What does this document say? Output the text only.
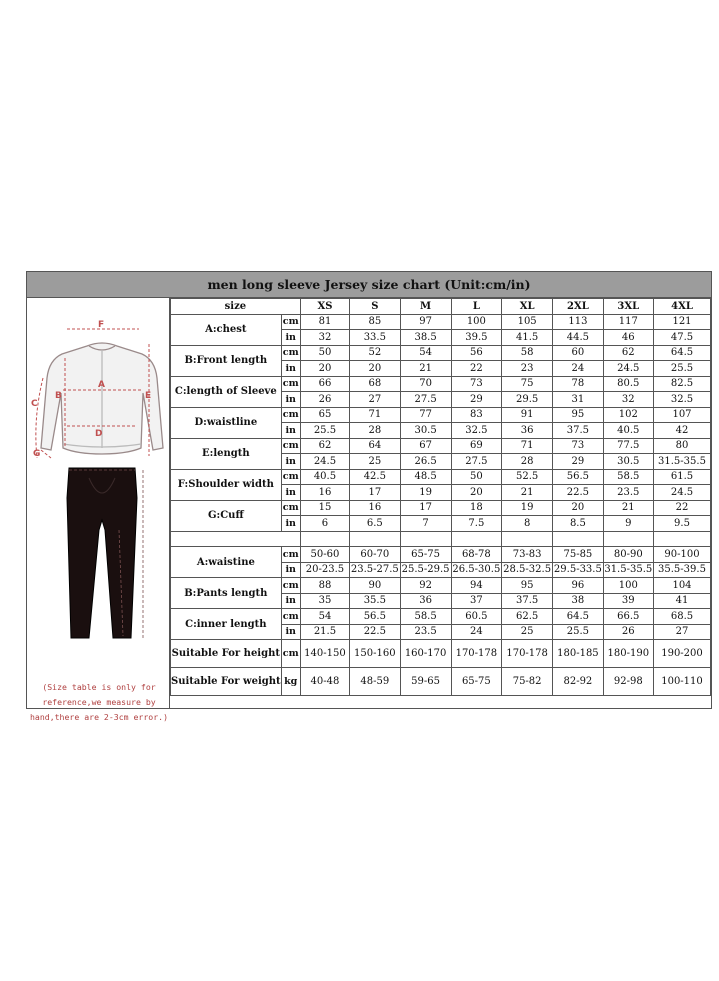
men long sleeve Jersey size chart (Unit:cm/in)
F
A
B
C
D
E
G
(Size table is only for
reference,we measure by
hand,there are 2-3cm error.)
size		XS	S	M	L	XL	2XL	3XL	4XL
A:chest	cm	81	85	97	100	105	113	117	121
	in	32	33.5	38.5	39.5	41.5	44.5	46	47.5
B:Front length	cm	50	52	54	56	58	60	62	64.5
	in	20	20	21	22	23	24	24.5	25.5
C:length of Sleeve	cm	66	68	70	73	75	78	80.5	82.5
	in	26	27	27.5	29	29.5	31	32	32.5
D:waistline	cm	65	71	77	83	91	95	102	107
	in	25.5	28	30.5	32.5	36	37.5	40.5	42
E:length	cm	62	64	67	69	71	73	77.5	80
	in	24.5	25	26.5	27.5	28	29	30.5	31.5-35.5
F:Shoulder width	cm	40.5	42.5	48.5	50	52.5	56.5	58.5	61.5
	in	16	17	19	20	21	22.5	23.5	24.5
G:Cuff	cm	15	16	17	18	19	20	21	22
	in	6	6.5	7	7.5	8	8.5	9	9.5

A:waistine	cm	50-60	60-70	65-75	68-78	73-83	75-85	80-90	90-100
	in	20-23.5	23.5-27.5	25.5-29.5	26.5-30.5	28.5-32.5	29.5-33.5	31.5-35.5	35.5-39.5
B:Pants length	cm	88	90	92	94	95	96	100	104
	in	35	35.5	36	37	37.5	38	39	41
C:inner length	cm	54	56.5	58.5	60.5	62.5	64.5	66.5	68.5
	in	21.5	22.5	23.5	24	25	25.5	26	27
Suitable For height	cm	140-150	150-160	160-170	170-178	170-178	180-185	180-190	190-200
Suitable For weight	kg	40-48	48-59	59-65	65-75	75-82	82-92	92-98	100-110
